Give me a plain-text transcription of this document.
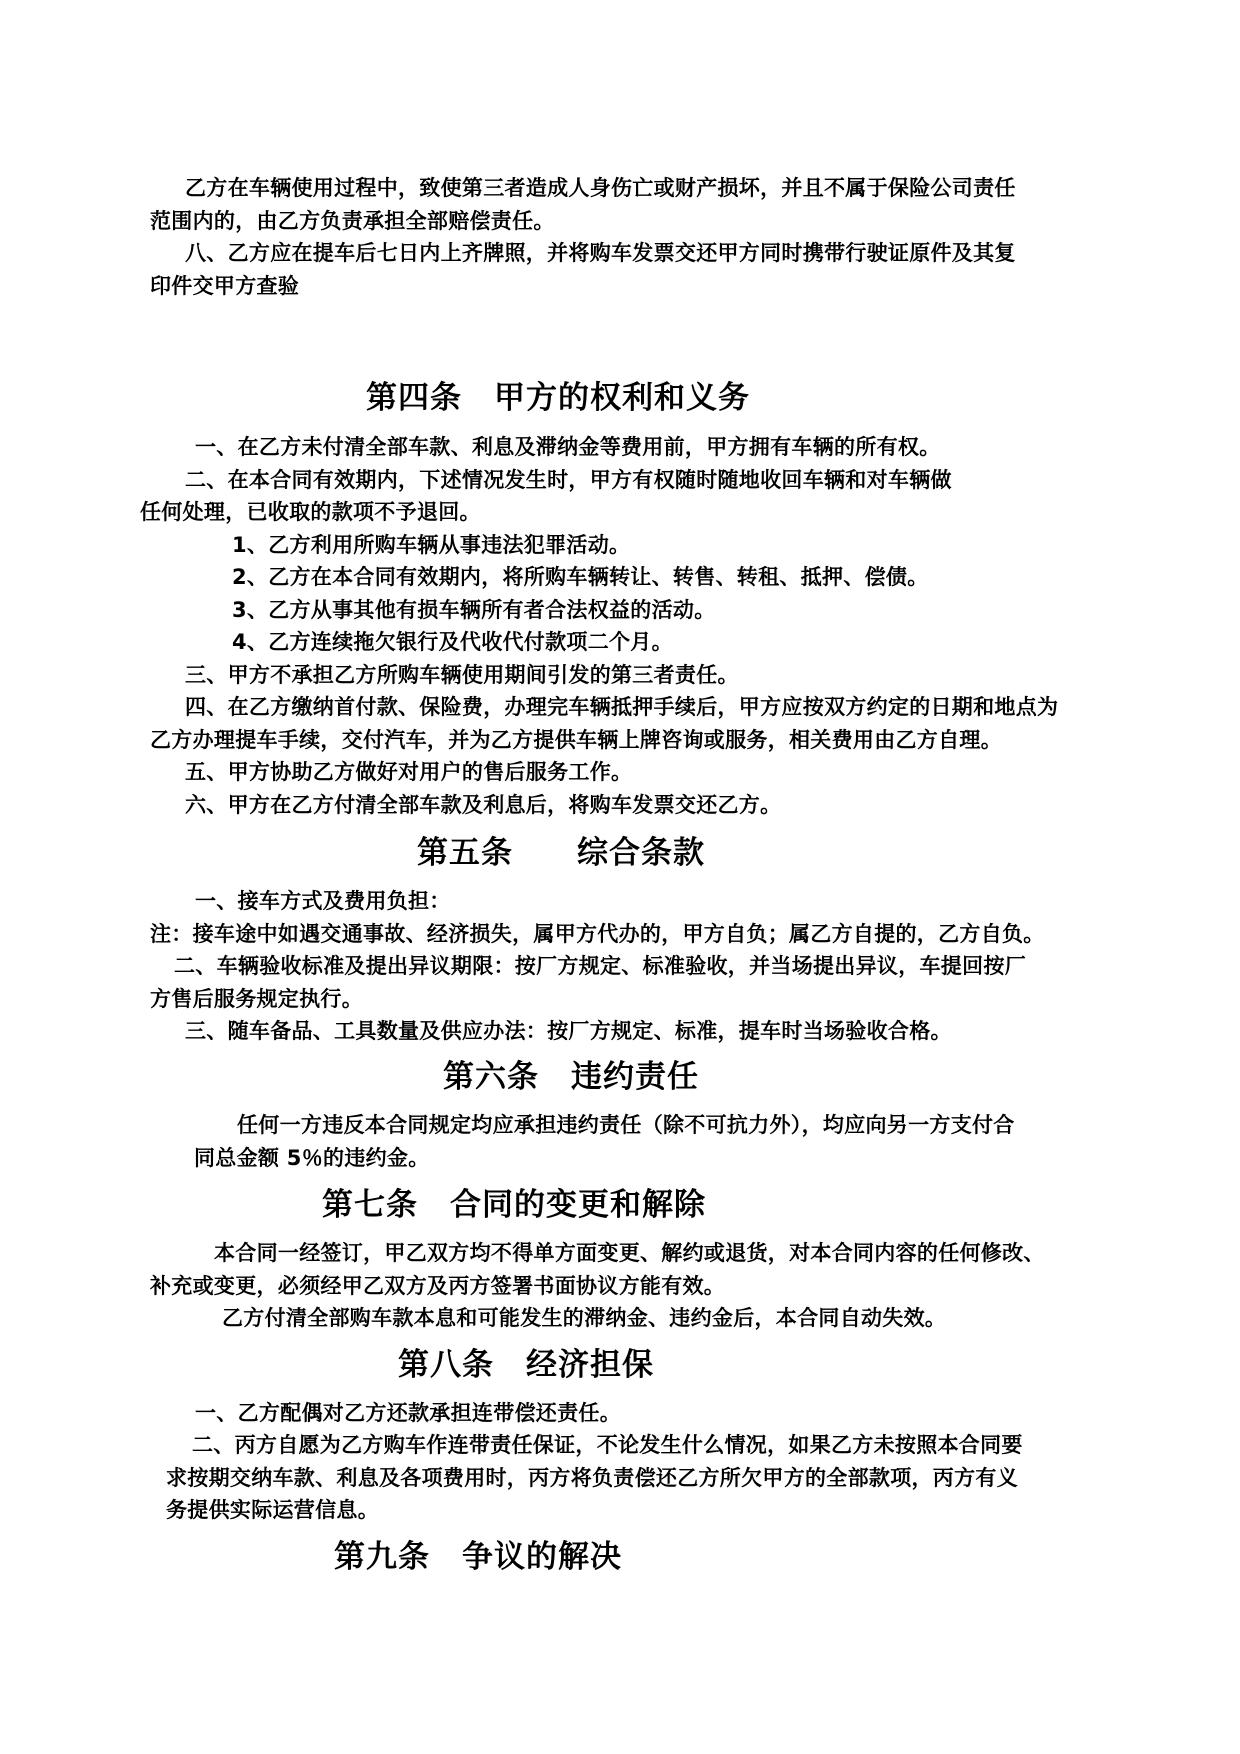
乙方在车辆使用过程中，致使第三者造成人身伤亡或财产损坏，并且不属于保险公司责任
范围内的，由乙方负责承担全部赔偿责任。
八、乙方应在提车后七日内上齐牌照，并将购车发票交还甲方同时携带行驶证原件及其复
印件交甲方查验
第四条　甲方的权利和义务
一、在乙方未付清全部车款、利息及滞纳金等费用前，甲方拥有车辆的所有权。
二、在本合同有效期内，下述情况发生时，甲方有权随时随地收回车辆和对车辆做
任何处理，已收取的款项不予退回。
1、乙方利用所购车辆从事违法犯罪活动。
2、乙方在本合同有效期内，将所购车辆转让、转售、转租、抵押、偿债。
3、乙方从事其他有损车辆所有者合法权益的活动。
4、乙方连续拖欠银行及代收代付款项二个月。
三、甲方不承担乙方所购车辆使用期间引发的第三者责任。
四、在乙方缴纳首付款、保险费，办理完车辆抵押手续后，甲方应按双方约定的日期和地点为
乙方办理提车手续，交付汽车，并为乙方提供车辆上牌咨询或服务，相关费用由乙方自理。
五、甲方协助乙方做好对用户的售后服务工作。
六、甲方在乙方付清全部车款及利息后，将购车发票交还乙方。
第五条　　综合条款
一、接车方式及费用负担：
注：接车途中如遇交通事故、经济损失，属甲方代办的，甲方自负；属乙方自提的，乙方自负。
二、车辆验收标准及提出异议期限：按厂方规定、标准验收，并当场提出异议，车提回按厂
方售后服务规定执行。
三、随车备品、工具数量及供应办法：按厂方规定、标准，提车时当场验收合格。
第六条　违约责任
任何一方违反本合同规定均应承担违约责任（除不可抗力外），均应向另一方支付合
同总金额 5％的违约金。
第七条　合同的变更和解除
本合同一经签订，甲乙双方均不得单方面变更、解约或退货，对本合同内容的任何修改、
补充或变更，必须经甲乙双方及丙方签署书面协议方能有效。
乙方付清全部购车款本息和可能发生的滞纳金、违约金后，本合同自动失效。
第八条　经济担保
一、乙方配偶对乙方还款承担连带偿还责任。
二、丙方自愿为乙方购车作连带责任保证，不论发生什么情况，如果乙方未按照本合同要
求按期交纳车款、利息及各项费用时，丙方将负责偿还乙方所欠甲方的全部款项，丙方有义
务提供实际运营信息。
第九条　争议的解决
